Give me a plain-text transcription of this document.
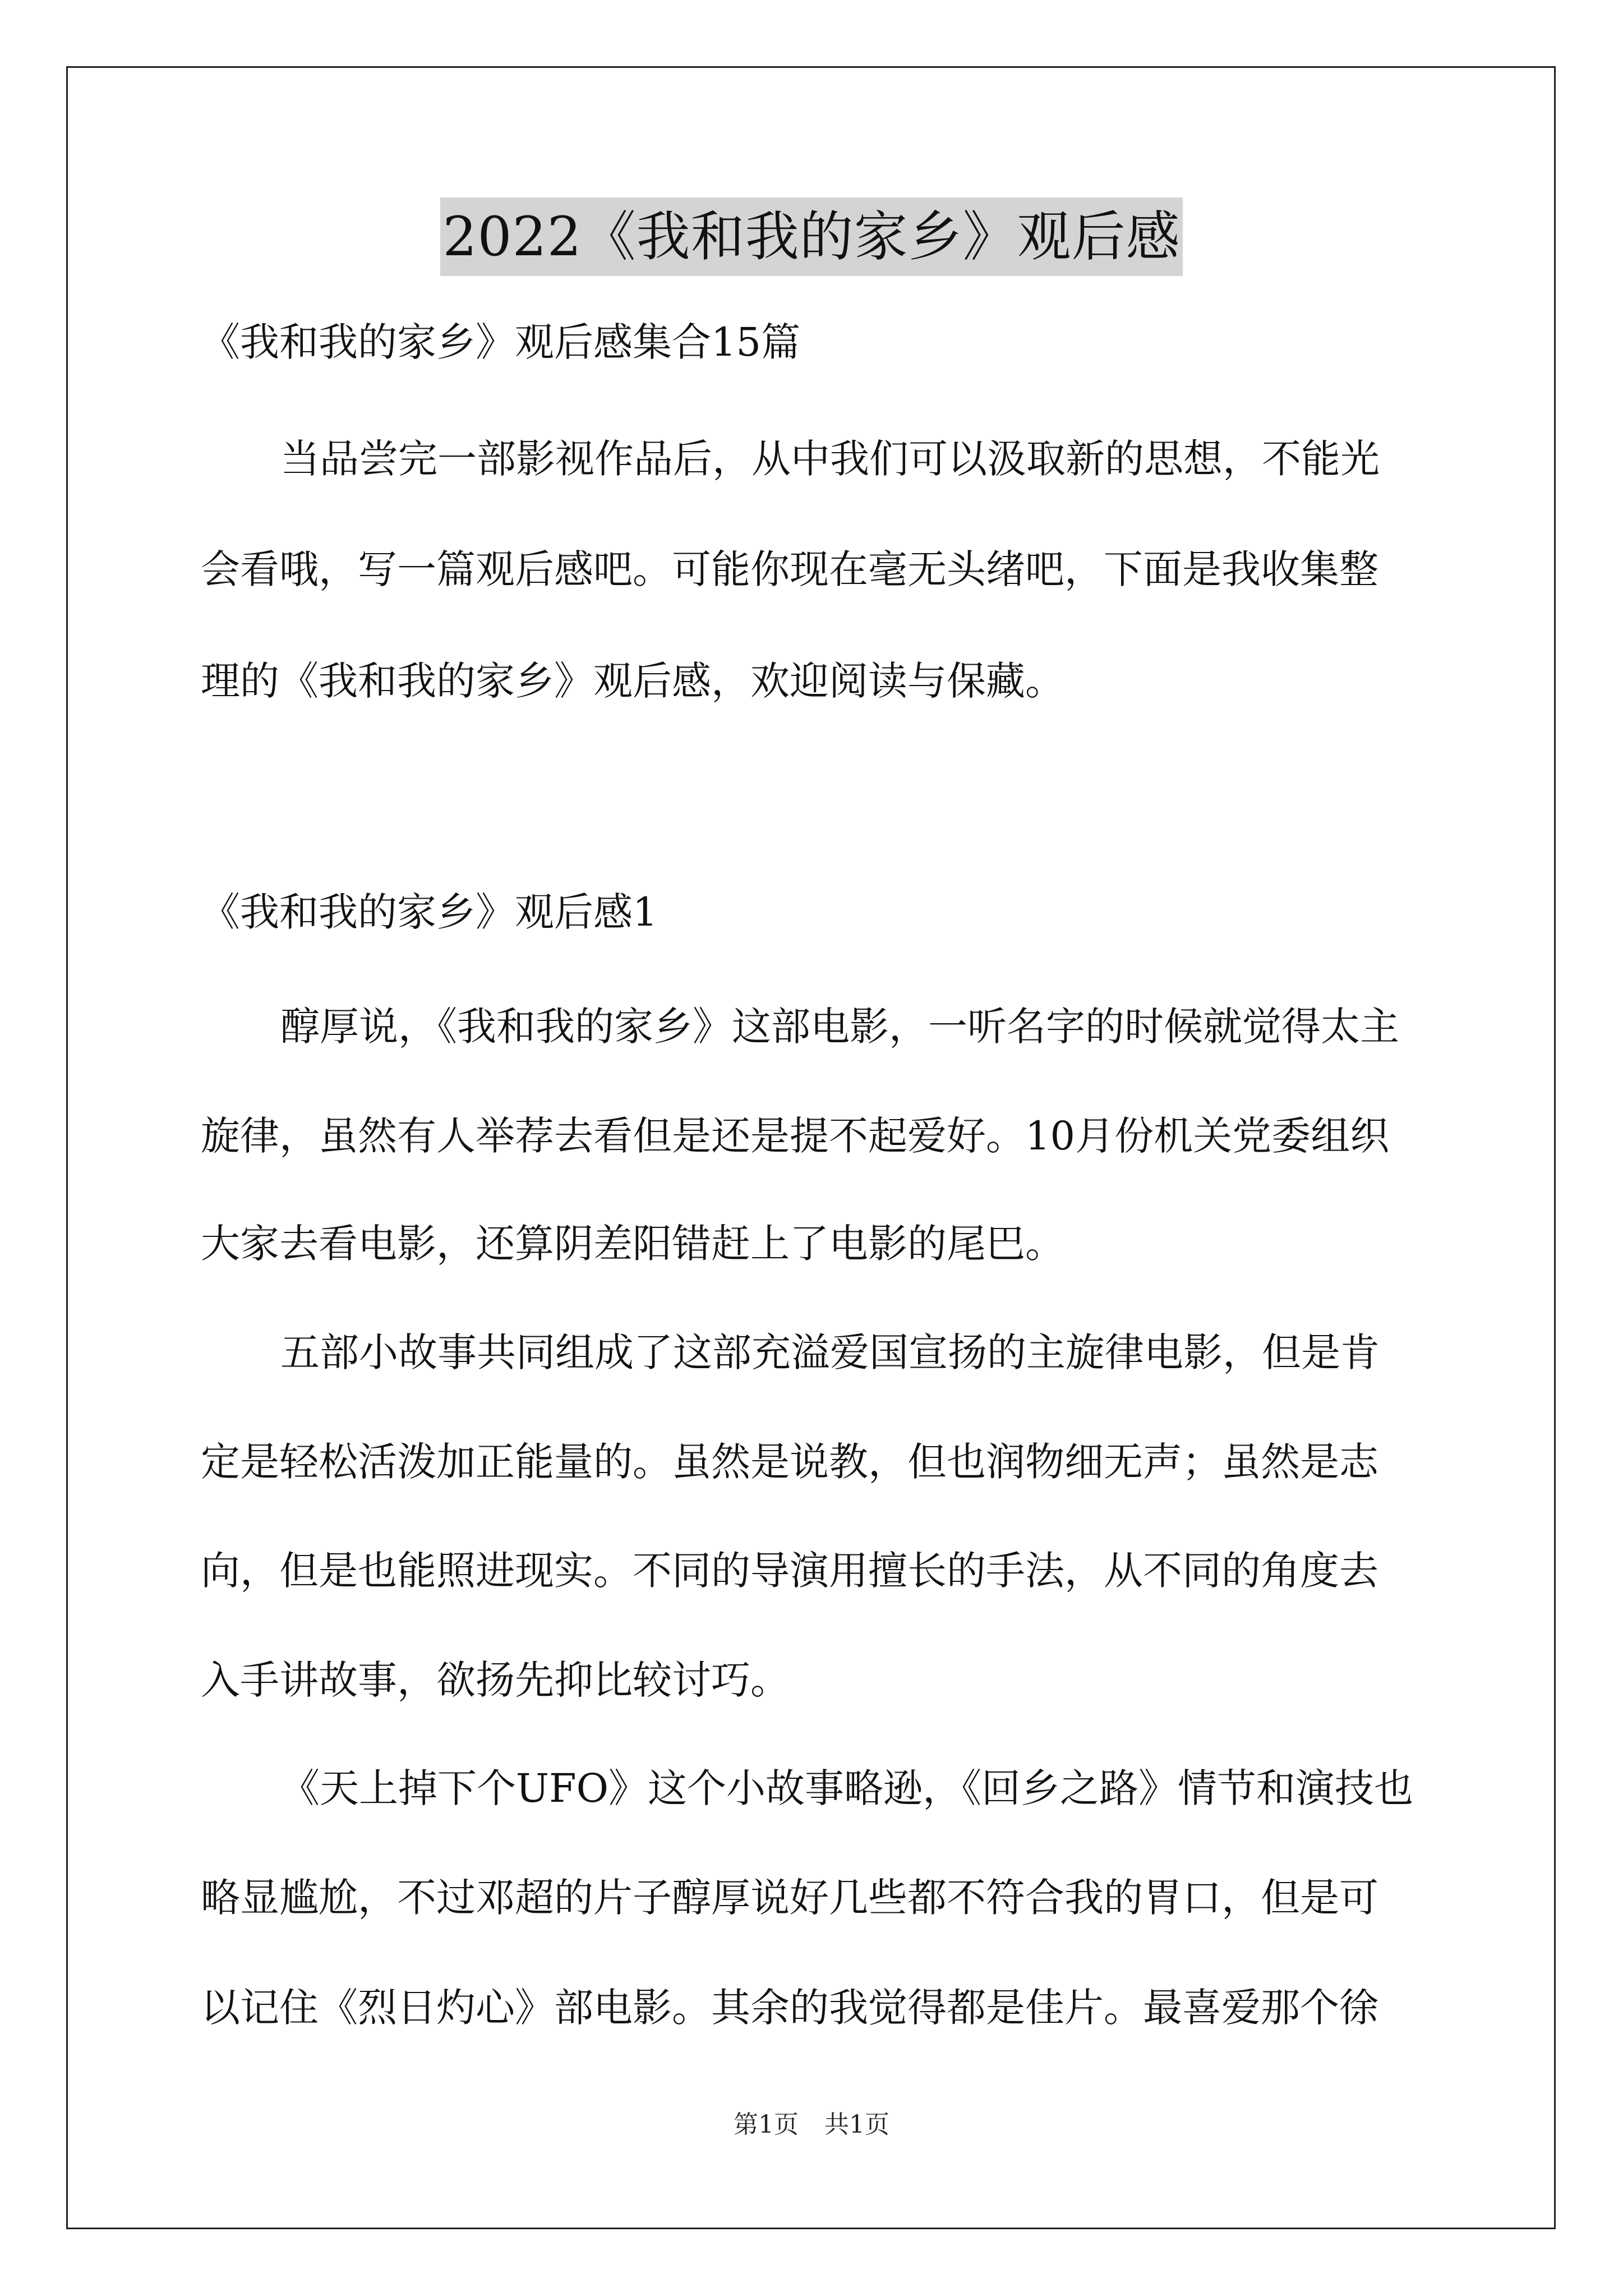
2022《我和我的家乡》观后感
《我和我的家乡》观后感集合15篇
当品尝完一部影视作品后，从中我们可以汲取新的思想，不能光
会看哦，写一篇观后感吧。可能你现在毫无头绪吧，下面是我收集整
理的《我和我的家乡》观后感，欢迎阅读与保藏。
《我和我的家乡》观后感1
醇厚说，《我和我的家乡》这部电影，一听名字的时候就觉得太主
旋律，虽然有人举荐去看但是还是提不起爱好。10月份机关党委组织
大家去看电影，还算阴差阳错赶上了电影的尾巴。
五部小故事共同组成了这部充溢爱国宣扬的主旋律电影，但是肯
定是轻松活泼加正能量的。虽然是说教，但也润物细无声；虽然是志
向，但是也能照进现实。不同的导演用擅长的手法，从不同的角度去
入手讲故事，欲扬先抑比较讨巧。
《天上掉下个UFO》这个小故事略逊，《回乡之路》情节和演技也
略显尴尬，不过邓超的片子醇厚说好几些都不符合我的胃口，但是可
以记住《烈日灼心》部电影。其余的我觉得都是佳片。最喜爱那个徐
第1页 共1页
